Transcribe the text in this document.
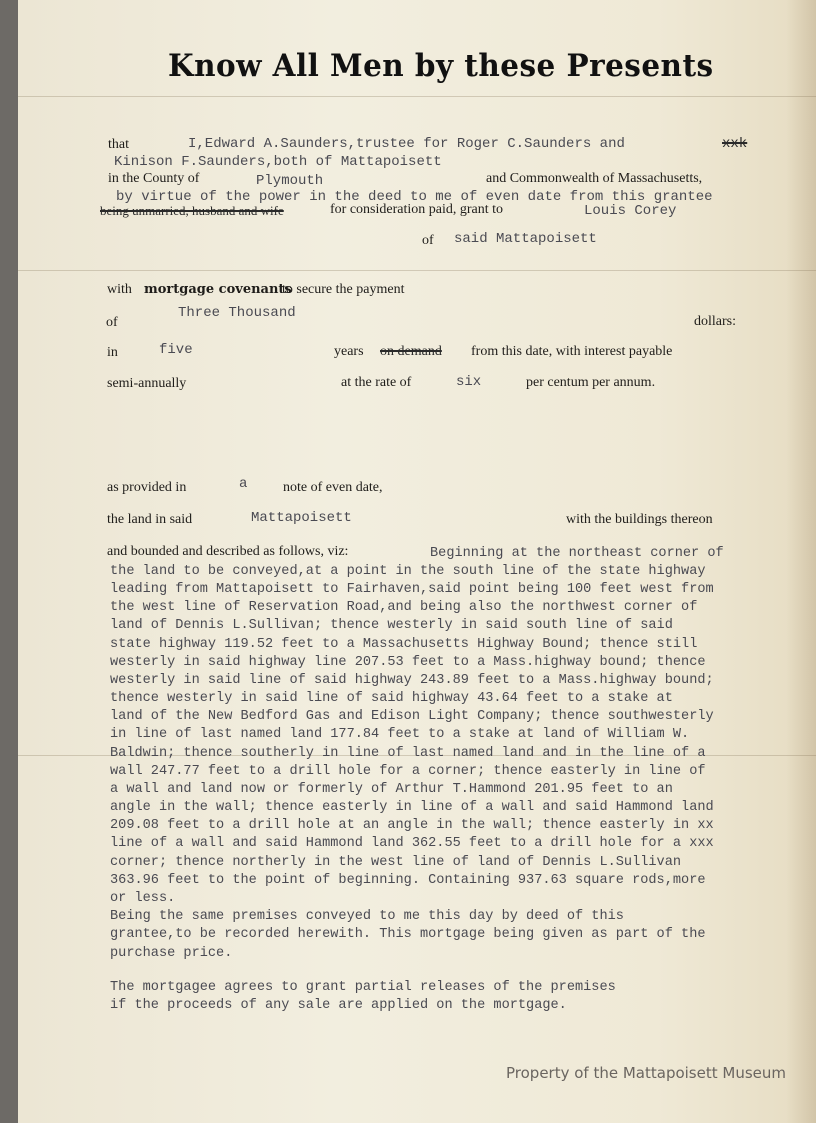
Know All Men by these Presents
that	I,Edward A.Saunders,trustee for Roger C.Saunders and	xxk
Kinison F.Saunders,both of Mattapoisett
in the County of	Plymouth	and Commonwealth of Massachusetts,
by virtue of the power in the deed to me of even date from this grantee
being unmarried, husband and wife	for consideration paid, grant to	Louis Corey
of said Mattapoisett
with mortgage covenants
to secure the payment
of
Three Thousand
dollars:
in	five	years on demand from this date, with interest payable
semi-annually	at the rate of	six	per centum per annum.
as provided in	a	note of even date,
the land in said	Mattapoisett	with the buildings thereon
and bounded and described as follows, viz:	Beginning at the northeast corner of
the land to be conveyed,at a point in the south line of the state highway
leading from Mattapoisett to Fairhaven,said point being 100 feet west from
the west line of Reservation Road,and being also the northwest corner of
land of Dennis L.Sullivan; thence westerly in said south line of said
state highway 119.52 feet to a Massachusetts Highway Bound; thence still
westerly in said highway line 207.53 feet to a Mass.highway bound; thence
westerly in said line of said highway 243.89 feet to a Mass.highway bound;
thence westerly in said line of said highway 43.64 feet to a stake at
land of the New Bedford Gas and Edison Light Company; thence southwesterly
in line of last named land 177.84 feet to a stake at land of William W.
Baldwin; thence southerly in line of last named land and in the line of a
wall 247.77 feet to a drill hole for a corner; thence easterly in line of
a wall and land now or formerly of Arthur T.Hammond 201.95 feet to an
angle in the wall; thence easterly in line of a wall and said Hammond land
209.08 feet to a drill hole at an angle in the wall; thence easterly in xx
line of a wall and said Hammond land 362.55 feet to a drill hole for a xxx
corner; thence northerly in the west line of land of Dennis L.Sullivan
363.96 feet to the point of beginning. Containing 937.63 square rods,more
or less.
Being the same premises conveyed to me this day by deed of this
grantee,to be recorded herewith. This mortgage being given as part of the
purchase price.
The mortgagee agrees to grant partial releases of the premises
if the proceeds of any sale are applied on the mortgage.
Property of the Mattapoisett Museum
